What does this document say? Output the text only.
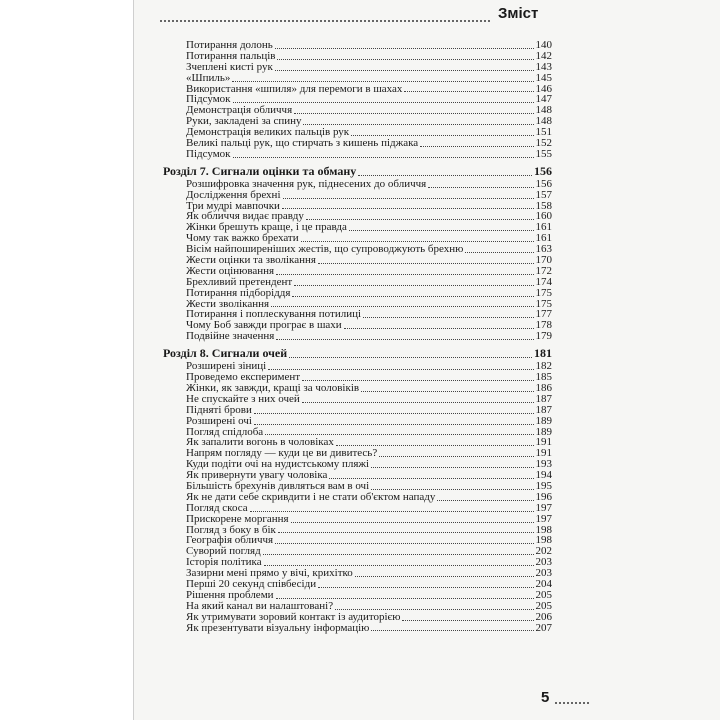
Зміст
Потирання долонь	140
Потирання пальців	142
Зчеплені кисті рук	143
«Шпиль»	145
Використання «шпиля» для перемоги в шахах	146
Підсумок	147
Демонстрація обличчя	148
Руки, закладені за спину	148
Демонстрація великих пальців рук	151
Великі пальці рук, що стирчать з кишень піджака	152
Підсумок	155
Розділ 7. Сигнали оцінки та обману	156
Розшифровка значення рук, піднесених до обличчя	156
Дослідження брехні	157
Три мудрі мавпочки	158
Як обличчя видає правду	160
Жінки брешуть краще, і це правда	161
Чому так важко брехати	161
Вісім найпоширеніших жестів, що супроводжують брехню	163
Жести оцінки та зволікання	170
Жести оцінювання	172
Брехливий претендент	174
Потирання підборіддя	175
Жести зволікання	175
Потирання і поплескування потилиці	177
Чому Боб завжди програє в шахи	178
Подвійне значення	179
Розділ 8. Сигнали очей	181
Розширені зіниці	182
Проведемо експеримент	185
Жінки, як завжди, кращі за чоловіків	186
Не спускайте з них очей	187
Підняті брови	187
Розширені очі	189
Погляд спідлоба	189
Як запалити вогонь в чоловіках	191
Напрям погляду — куди це ви дивитесь?	191
Куди подіти очі на нудистському пляжі	193
Як привернути увагу чоловіка	194
Більшість брехунів дивляться вам в очі	195
Як не дати себе скривдити і не стати об'єктом нападу	196
Погляд скоса	197
Прискорене моргання	197
Погляд з боку в бік	198
Географія обличчя	198
Суворий погляд	202
Історія політика	203
Зазирни мені прямо у вічі, крихітко	203
Перші 20 секунд співбесіди	204
Рішення проблеми	205
На який канал ви налаштовані?	205
Як утримувати зоровий контакт із аудиторією	206
Як презентувати візуальну інформацію	207
5
